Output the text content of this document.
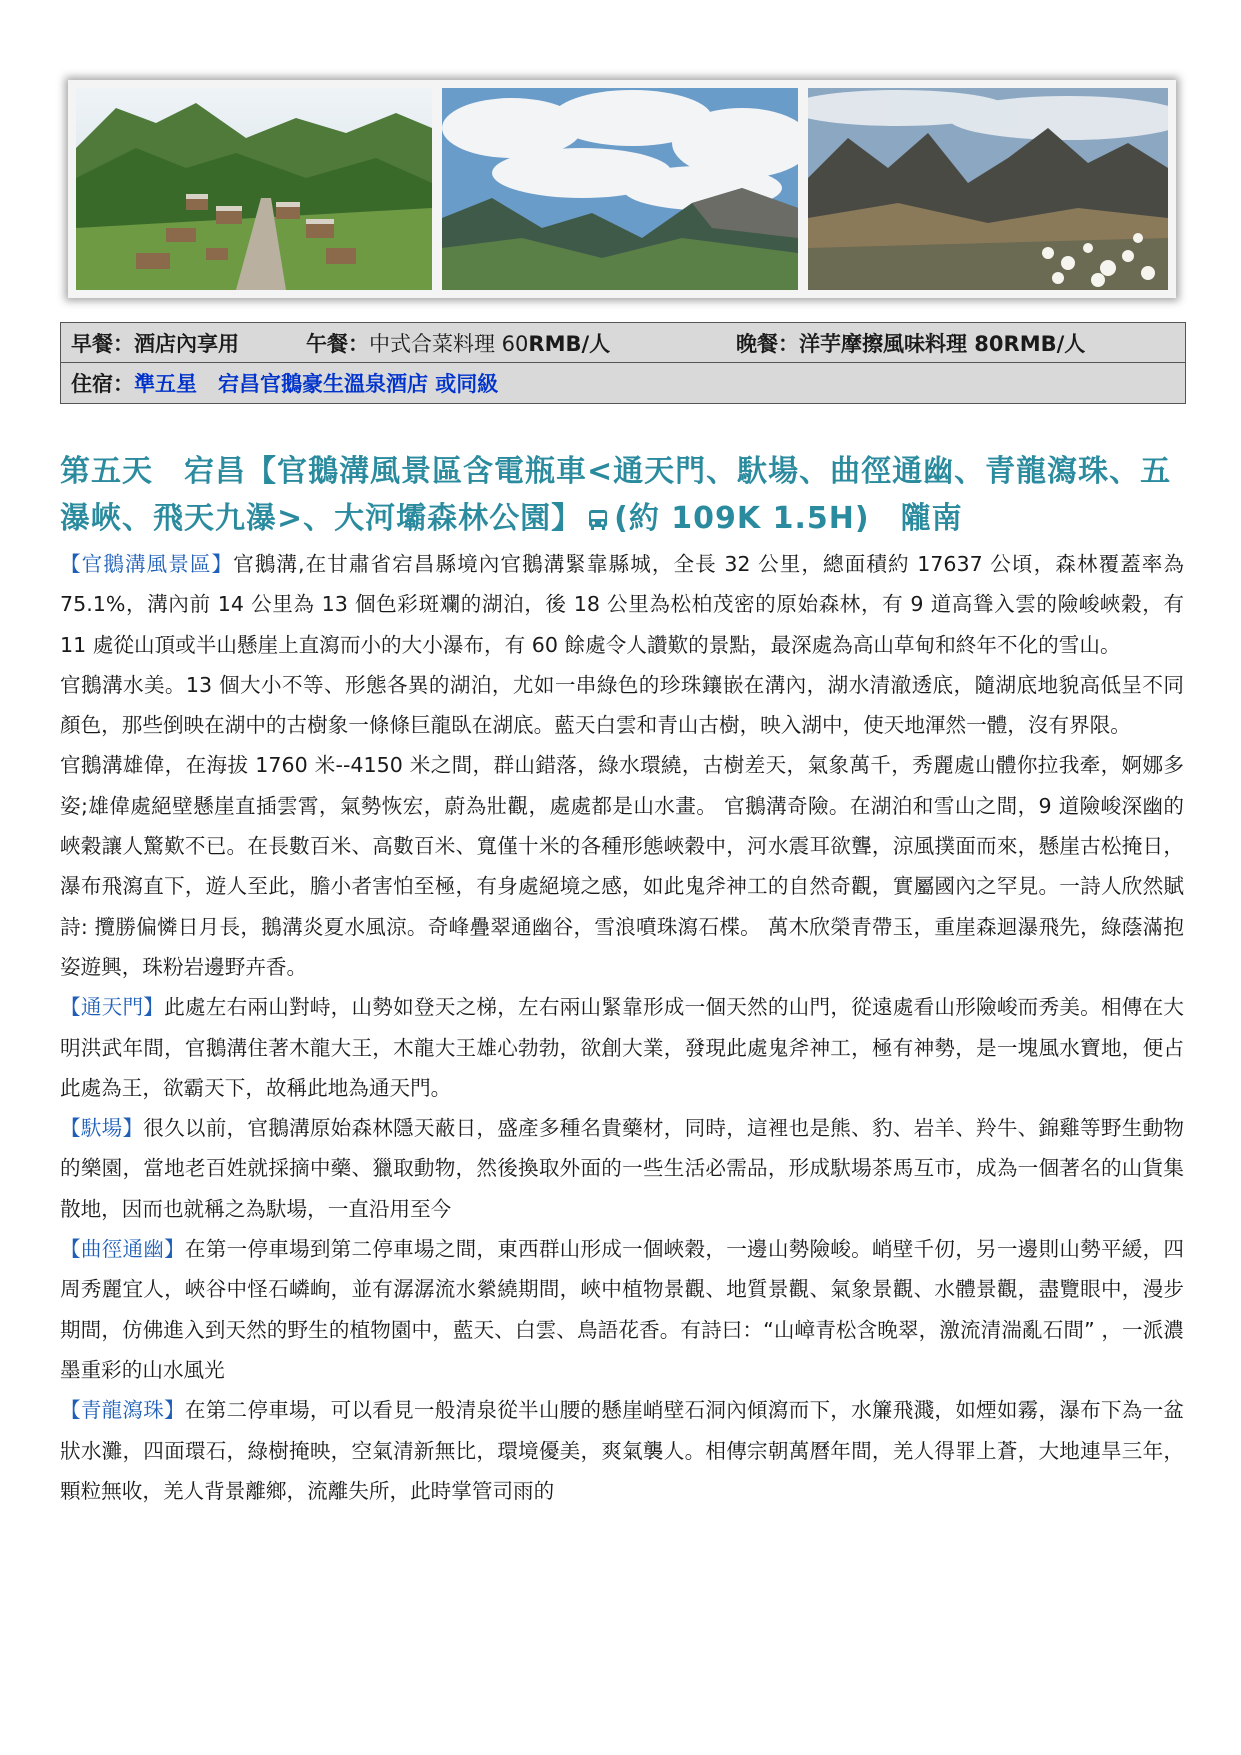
早餐： 酒店內享用	午餐： 中式合菜料理 60 RMB/人	晚餐： 洋芋摩擦風味料理 80RMB/人
住宿： 準五星　宕昌官鵝豪生溫泉酒店 或同級
第五天　宕昌【官鵝溝風景區含電瓶車<通天門、馱場、曲徑通幽、青龍瀉珠、五瀑峽、飛天九瀑>、大河壩森林公園】 (約 109K 1.5H)　隴南

【官鵝溝風景區】官鵝溝,在甘肅省宕昌縣境內官鵝溝緊靠縣城，全長 32 公里，總面積約 17637 公頃，森林覆蓋率為 75.1%，溝內前 14 公里為 13 個色彩斑斕的湖泊，後 18 公里為松柏茂密的原始森林，有 9 道高聳入雲的險峻峽穀，有 11 處從山頂或半山懸崖上直瀉而小的大小瀑布，有 60 餘處令人讚歎的景點，最深處為高山草甸和終年不化的雪山。

官鵝溝水美。13 個大小不等、形態各異的湖泊，尤如一串綠色的珍珠鑲嵌在溝內，湖水清澈透底，隨湖底地貌高低呈不同顏色，那些倒映在湖中的古樹象一條條巨龍臥在湖底。藍天白雲和青山古樹，映入湖中，使天地渾然一體，沒有界限。

官鵝溝雄偉，在海拔 1760 米--4150 米之間，群山錯落，綠水環繞，古樹差天，氣象萬千，秀麗處山體你拉我牽，婀娜多姿;雄偉處絕壁懸崖直插雲霄，氣勢恢宏，蔚為壯觀，處處都是山水畫。 官鵝溝奇險。在湖泊和雪山之間，9 道險峻深幽的峽穀讓人驚歎不已。在長數百米、高數百米、寬僅十米的各種形態峽穀中，河水震耳欲聾，涼風撲面而來，懸崖古松掩日，瀑布飛瀉直下，遊人至此，膽小者害怕至極，有身處絕境之感，如此鬼斧神工的自然奇觀，實屬國內之罕見。一詩人欣然賦詩: 攬勝偏憐日月長，鵝溝炎夏水風涼。奇峰疊翠通幽谷，雪浪噴珠瀉石楪。 萬木欣榮青帶玉，重崖森迴瀑飛先，綠蔭滿抱姿遊興，珠粉岩邊野卉香。

【通天門】此處左右兩山對峙，山勢如登天之梯，左右兩山緊靠形成一個天然的山門，從遠處看山形險峻而秀美。相傳在大明洪武年間，官鵝溝住著木龍大王，木龍大王雄心勃勃，欲創大業，發現此處鬼斧神工，極有神勢，是一塊風水寶地，便占此處為王，欲霸天下，故稱此地為通天門。

【馱場】很久以前，官鵝溝原始森林隱天蔽日，盛產多種名貴藥材，同時，這裡也是熊、豹、岩羊、羚牛、錦雞等野生動物的樂園，當地老百姓就採摘中藥、獵取動物，然後換取外面的一些生活必需品，形成馱場茶馬互市，成為一個著名的山貨集散地，因而也就稱之為馱場，一直沿用至今

【曲徑通幽】在第一停車場到第二停車場之間，東西群山形成一個峽穀，一邊山勢險峻。峭壁千仞，另一邊則山勢平緩，四周秀麗宜人，峽谷中怪石嶙峋，並有潺潺流水縈繞期間，峽中植物景觀、地質景觀、氣象景觀、水體景觀，盡覽眼中，漫步期間，仿佛進入到天然的野生的植物園中，藍天、白雲、鳥語花香。有詩曰：“山嶂青松含晚翠，激流清湍亂石間” ，一派濃墨重彩的山水風光

【青龍瀉珠】在第二停車場，可以看見一般清泉從半山腰的懸崖峭壁石洞內傾瀉而下，水簾飛濺，如煙如霧，瀑布下為一盆狀水灘，四面環石，綠樹掩映，空氣清新無比，環境優美，爽氣襲人。相傳宗朝萬曆年間，羌人得罪上蒼，大地連旱三年，顆粒無收，羌人背景離鄉，流離失所，此時掌管司雨的
